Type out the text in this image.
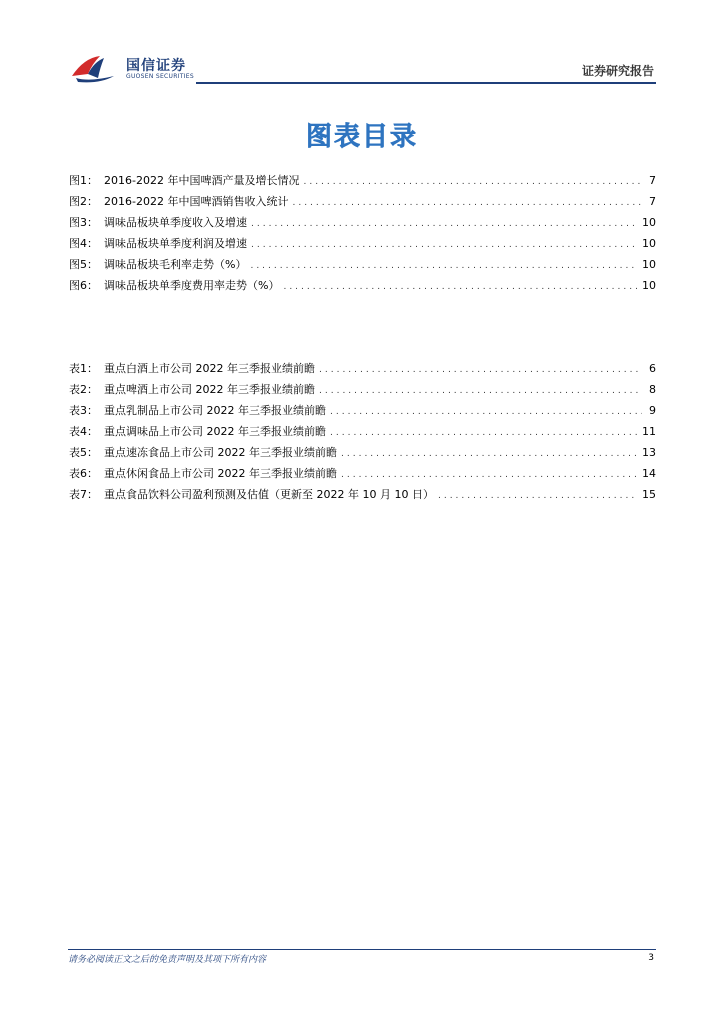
国信证券
GUOSEN SECURITIES	证券研究报告
图表目录
图1： 2016-2022 年中国啤酒产量及增长情况 .....	7
图2： 2016-2022 年中国啤酒销售收入统计 .....	7
图3： 调味品板块单季度收入及增速 .....	10
图4： 调味品板块单季度利润及增速 .....	10
图5： 调味品板块毛利率走势（%） .....	10
图6： 调味品板块单季度费用率走势（%） .....	10
表1： 重点白酒上市公司 2022 年三季报业绩前瞻 .....	6
表2： 重点啤酒上市公司 2022 年三季报业绩前瞻 .....	8
表3： 重点乳制品上市公司 2022 年三季报业绩前瞻 .....	9
表4： 重点调味品上市公司 2022 年三季报业绩前瞻 .....	11
表5： 重点速冻食品上市公司 2022 年三季报业绩前瞻 .....	13
表6： 重点休闲食品上市公司 2022 年三季报业绩前瞻 .....	14
表7： 重点食品饮料公司盈利预测及估值（更新至 2022 年 10 月 10 日） .....	15
请务必阅读正文之后的免责声明及其项下所有内容	3
